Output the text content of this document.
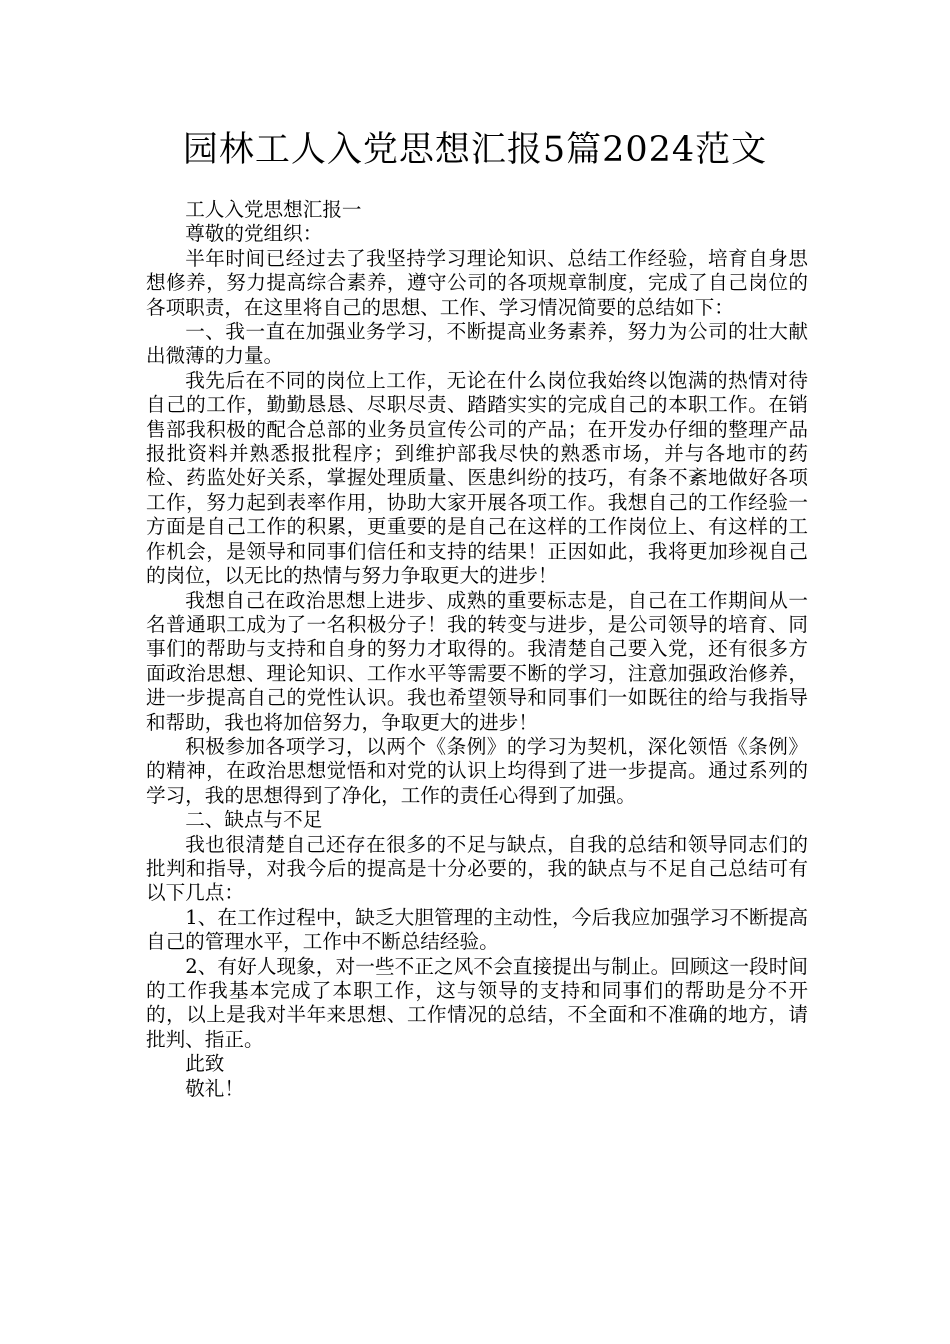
园林工人入党思想汇报5篇2024范文

工人入党思想汇报一

尊敬的党组织：

半年时间已经过去了我坚持学习理论知识、总结工作经验，培育自身思想修养，努力提高综合素养，遵守公司的各项规章制度，完成了自己岗位的各项职责，在这里将自己的思想、工作、学习情况简要的总结如下：

一、我一直在加强业务学习，不断提高业务素养，努力为公司的壮大献出微薄的力量。

我先后在不同的岗位上工作，无论在什么岗位我始终以饱满的热情对待自己的工作，勤勤恳恳、尽职尽责、踏踏实实的完成自己的本职工作。在销售部我积极的配合总部的业务员宣传公司的产品；在开发办仔细的整理产品报批资料并熟悉报批程序；到维护部我尽快的熟悉市场，并与各地市的药检、药监处好关系，掌握处理质量、医患纠纷的技巧，有条不紊地做好各项工作，努力起到表率作用，协助大家开展各项工作。我想自己的工作经验一方面是自己工作的积累，更重要的是自己在这样的工作岗位上、有这样的工作机会，是领导和同事们信任和支持的结果！正因如此，我将更加珍视自己的岗位，以无比的热情与努力争取更大的进步！

我想自己在政治思想上进步、成熟的重要标志是，自己在工作期间从一名普通职工成为了一名积极分子！我的转变与进步，是公司领导的培育、同事们的帮助与支持和自身的努力才取得的。我清楚自己要入党，还有很多方面政治思想、理论知识、工作水平等需要不断的学习，注意加强政治修养，进一步提高自己的党性认识。我也希望领导和同事们一如既往的给与我指导和帮助，我也将加倍努力，争取更大的进步！

积极参加各项学习，以两个《条例》的学习为契机，深化领悟《条例》的精神，在政治思想觉悟和对党的认识上均得到了进一步提高。通过系列的学习，我的思想得到了净化，工作的责任心得到了加强。

二、缺点与不足

我也很清楚自己还存在很多的不足与缺点，自我的总结和领导同志们的批判和指导，对我今后的提高是十分必要的，我的缺点与不足自己总结可有以下几点：

1、在工作过程中，缺乏大胆管理的主动性，今后我应加强学习不断提高自己的管理水平，工作中不断总结经验。

2、有好人现象，对一些不正之风不会直接提出与制止。回顾这一段时间的工作我基本完成了本职工作，这与领导的支持和同事们的帮助是分不开的，以上是我对半年来思想、工作情况的总结，不全面和不准确的地方，请批判、指正。

此致

敬礼！
